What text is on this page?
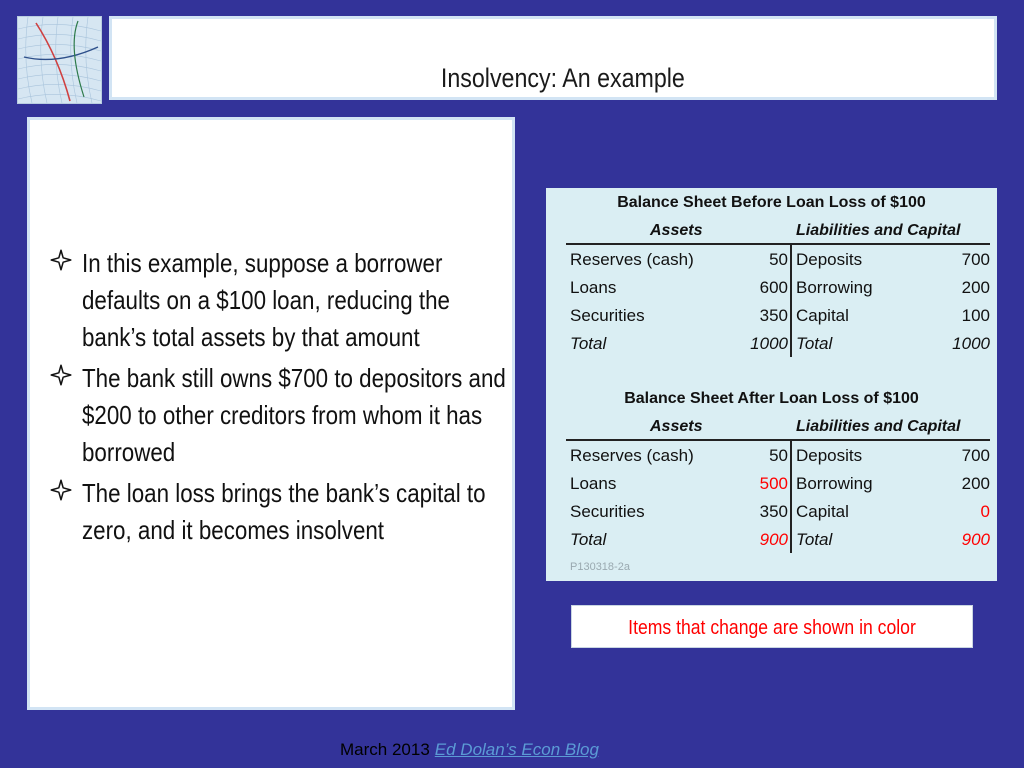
Insolvency: An example
In this example, suppose a borrower defaults on a $100 loan, reducing the bank’s total assets by that amount
The bank still owns $700 to depositors and $200 to other creditors from whom it has borrowed
The loan loss brings the bank’s capital to zero, and it becomes insolvent
Balance Sheet Before Loan Loss of $100
Assets	Liabilities and Capital
Reserves (cash)	50 Deposits	700
Loans	600 Borrowing	200
Securities	350 Capital	100
Total	1000 Total	1000
Balance Sheet After Loan Loss of $100
Assets	Liabilities and Capital
Reserves (cash)	50 Deposits	700
Loans	500 Borrowing	200
Securities	350 Capital	0
Total	900 Total	900
P130318-2a
Items that change are shown in color
March 2013 Ed Dolan’s Econ Blog
